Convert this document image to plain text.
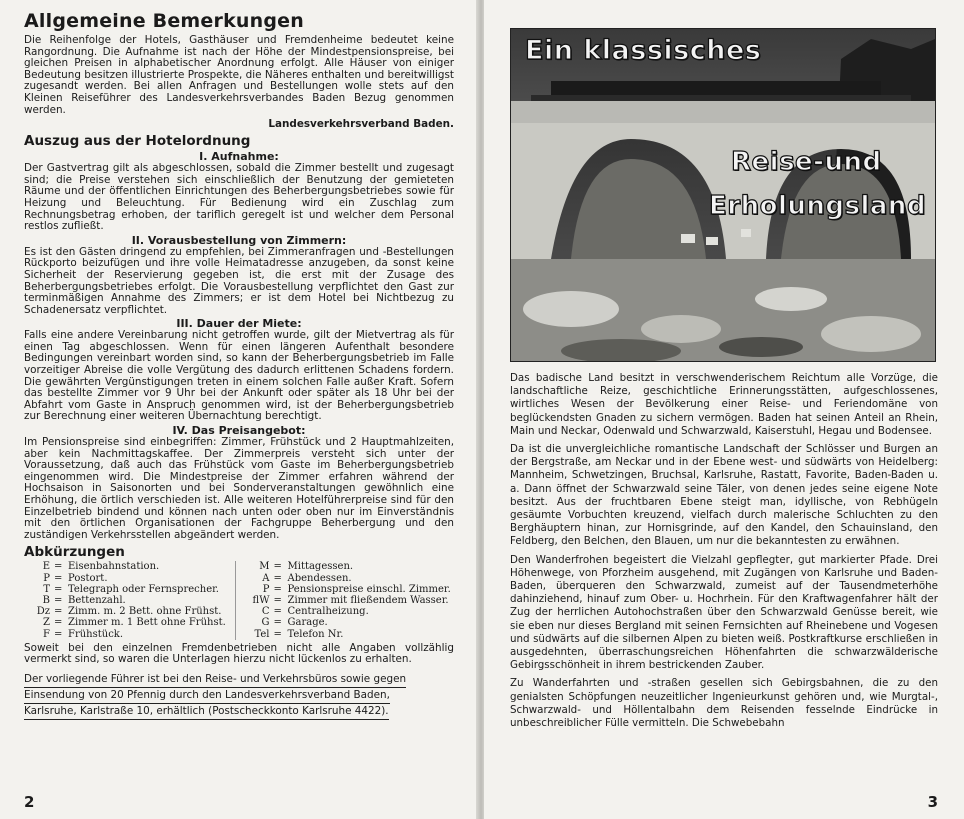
Allgemeine Bemerkungen

Die Reihenfolge der Hotels, Gasthäuser und Fremdenheime bedeutet keine Rangordnung. Die Aufnahme ist nach der Höhe der Mindestpensionspreise, bei gleichen Preisen in alphabetischer Anordnung erfolgt. Alle Häuser von einiger Bedeutung besitzen illustrierte Prospekte, die Näheres enthalten und bereitwilligst zugesandt werden. Bei allen Anfragen und Bestellungen wolle stets auf den Kleinen Reiseführer des Landesverkehrsverbandes Baden Bezug genommen werden.

Landesverkehrsverband Baden.
Auszug aus der Hotelordnung
I. Aufnahme:

Der Gastvertrag gilt als abgeschlossen, sobald die Zimmer bestellt und zugesagt sind; die Preise verstehen sich einschließlich der Benutzung der gemieteten Räume und der öffentlichen Einrichtungen des Beherbergungsbetriebes sowie für Heizung und Beleuchtung. Für Bedienung wird ein Zuschlag zum Rechnungsbetrag erhoben, der tariflich geregelt ist und welcher dem Personal restlos zufließt.

II. Vorausbestellung von Zimmern:

Es ist den Gästen dringend zu empfehlen, bei Zimmeranfragen und -Bestellungen Rückporto beizufügen und ihre volle Heimatadresse anzugeben, da sonst keine Sicherheit der Reservierung gegeben ist, die erst mit der Zusage des Beherbergungsbetriebes erfolgt. Die Vorausbestellung verpflichtet den Gast zur terminmäßigen Annahme des Zimmers; er ist dem Hotel bei Nichtbezug zu Schadenersatz verpflichtet.

III. Dauer der Miete:

Falls eine andere Vereinbarung nicht getroffen wurde, gilt der Mietvertrag als für einen Tag abgeschlossen. Wenn für einen längeren Aufenthalt besondere Bedingungen vereinbart worden sind, so kann der Beherbergungsbetrieb im Falle vorzeitiger Abreise die volle Vergütung des dadurch erlittenen Schadens fordern. Die gewährten Vergünstigungen treten in einem solchen Falle außer Kraft. Sofern das bestellte Zimmer vor 9 Uhr bei der Ankunft oder später als 18 Uhr bei der Abfahrt vom Gaste in Anspruch genommen wird, ist der Beherbergungsbetrieb zur Berechnung einer weiteren Übernachtung berechtigt.

IV. Das Preisangebot:

Im Pensionspreise sind einbegriffen: Zimmer, Frühstück und 2 Hauptmahlzeiten, aber kein Nachmittagskaffee. Der Zimmerpreis versteht sich unter der Voraussetzung, daß auch das Frühstück vom Gaste im Beherbergungsbetrieb eingenommen wird. Die Mindestpreise der Zimmer erfahren während der Hochsaison in Saisonorten und bei Sonderveranstaltungen gewöhnlich eine Erhöhung, die örtlich verschieden ist. Alle weiteren Hotelführerpreise sind für den Einzelbetrieb bindend und können nach unten oder oben nur im Einverständnis mit den örtlichen Organisationen der Fachgruppe Beherbergung und den zuständigen Verkehrsstellen abgeändert werden.

Abkürzungen
E = Eisenbahnstation.
P = Postort.
T = Telegraph oder Fernsprecher.
B = Bettenzahl.
Dz = Zimm. m. 2 Bett. ohne Frühst.
Z = Zimmer m. 1 Bett ohne Frühst.
F = Frühstück.
M = Mittagessen.
A = Abendessen.
P = Pensionspreise einschl. Zimmer.
flW = Zimmer mit fließendem Wasser.
C = Centralheizung.
G = Garage.
Tel = Telefon Nr.

Soweit bei den einzelnen Fremdenbetrieben nicht alle Angaben vollzählig vermerkt sind, so waren die Unterlagen hierzu nicht lückenlos zu erhalten.

Der vorliegende Führer ist bei den Reise- und Verkehrsbüros sowie gegen Einsendung von 20 Pfennig durch den Landesverkehrsverband Baden, Karlsruhe, Karlstraße 10, erhältlich (Postscheckkonto Karlsruhe 4422).
2
Ein klassisches
Reise-und
Erholungsland

Das badische Land besitzt in verschwenderischem Reichtum alle Vorzüge, die landschaftliche Reize, geschichtliche Erinnerungsstätten, aufgeschlossenes, wirtliches Wesen der Bevölkerung einer Reise- und Feriendomäne von beglückendsten Gnaden zu sichern vermögen. Baden hat seinen Anteil an Rhein, Main und Neckar, Odenwald und Schwarzwald, Kaiserstuhl, Hegau und Bodensee.

Da ist die unvergleichliche romantische Landschaft der Schlösser und Burgen an der Bergstraße, am Neckar und in der Ebene west- und südwärts von Heidelberg: Mannheim, Schwetzingen, Bruchsal, Karlsruhe, Rastatt, Favorite, Baden-Baden u. a. Dann öffnet der Schwarzwald seine Täler, von denen jedes seine eigene Note besitzt. Aus der fruchtbaren Ebene steigt man, idyllische, von Rebhügeln gesäumte Vorbuchten kreuzend, vielfach durch malerische Schluchten zu den Berghäuptern hinan, zur Hornisgrinde, auf den Kandel, den Schauinsland, den Feldberg, den Belchen, den Blauen, um nur die bekanntesten zu erwähnen.

Den Wanderfrohen begeistert die Vielzahl gepflegter, gut markierter Pfade. Drei Höhenwege, von Pforzheim ausgehend, mit Zugängen von Karlsruhe und Baden-Baden, überqueren den Schwarzwald, zumeist auf der Tausendmeterhöhe dahinziehend, hinauf zum Ober- u. Hochrhein. Für den Kraftwagenfahrer hält der Zug der herrlichen Autohochstraßen über den Schwarzwald Genüsse bereit, wie sie eben nur dieses Bergland mit seinen Fernsichten auf Rheinebene und Vogesen und südwärts auf die silbernen Alpen zu bieten weiß. Postkraftkurse erschließen in ausgedehnten, überraschungsreichen Höhenfahrten die schwarzwälderische Gebirgsschönheit in ihrem bestrickenden Zauber.

Zu Wanderfahrten und -straßen gesellen sich Gebirgsbahnen, die zu den genialsten Schöpfungen neuzeitlicher Ingenieurkunst gehören und, wie Murgtal-, Schwarzwald- und Höllentalbahn dem Reisenden fesselnde Eindrücke in unbeschreiblicher Fülle vermitteln. Die Schwebebahn

3
